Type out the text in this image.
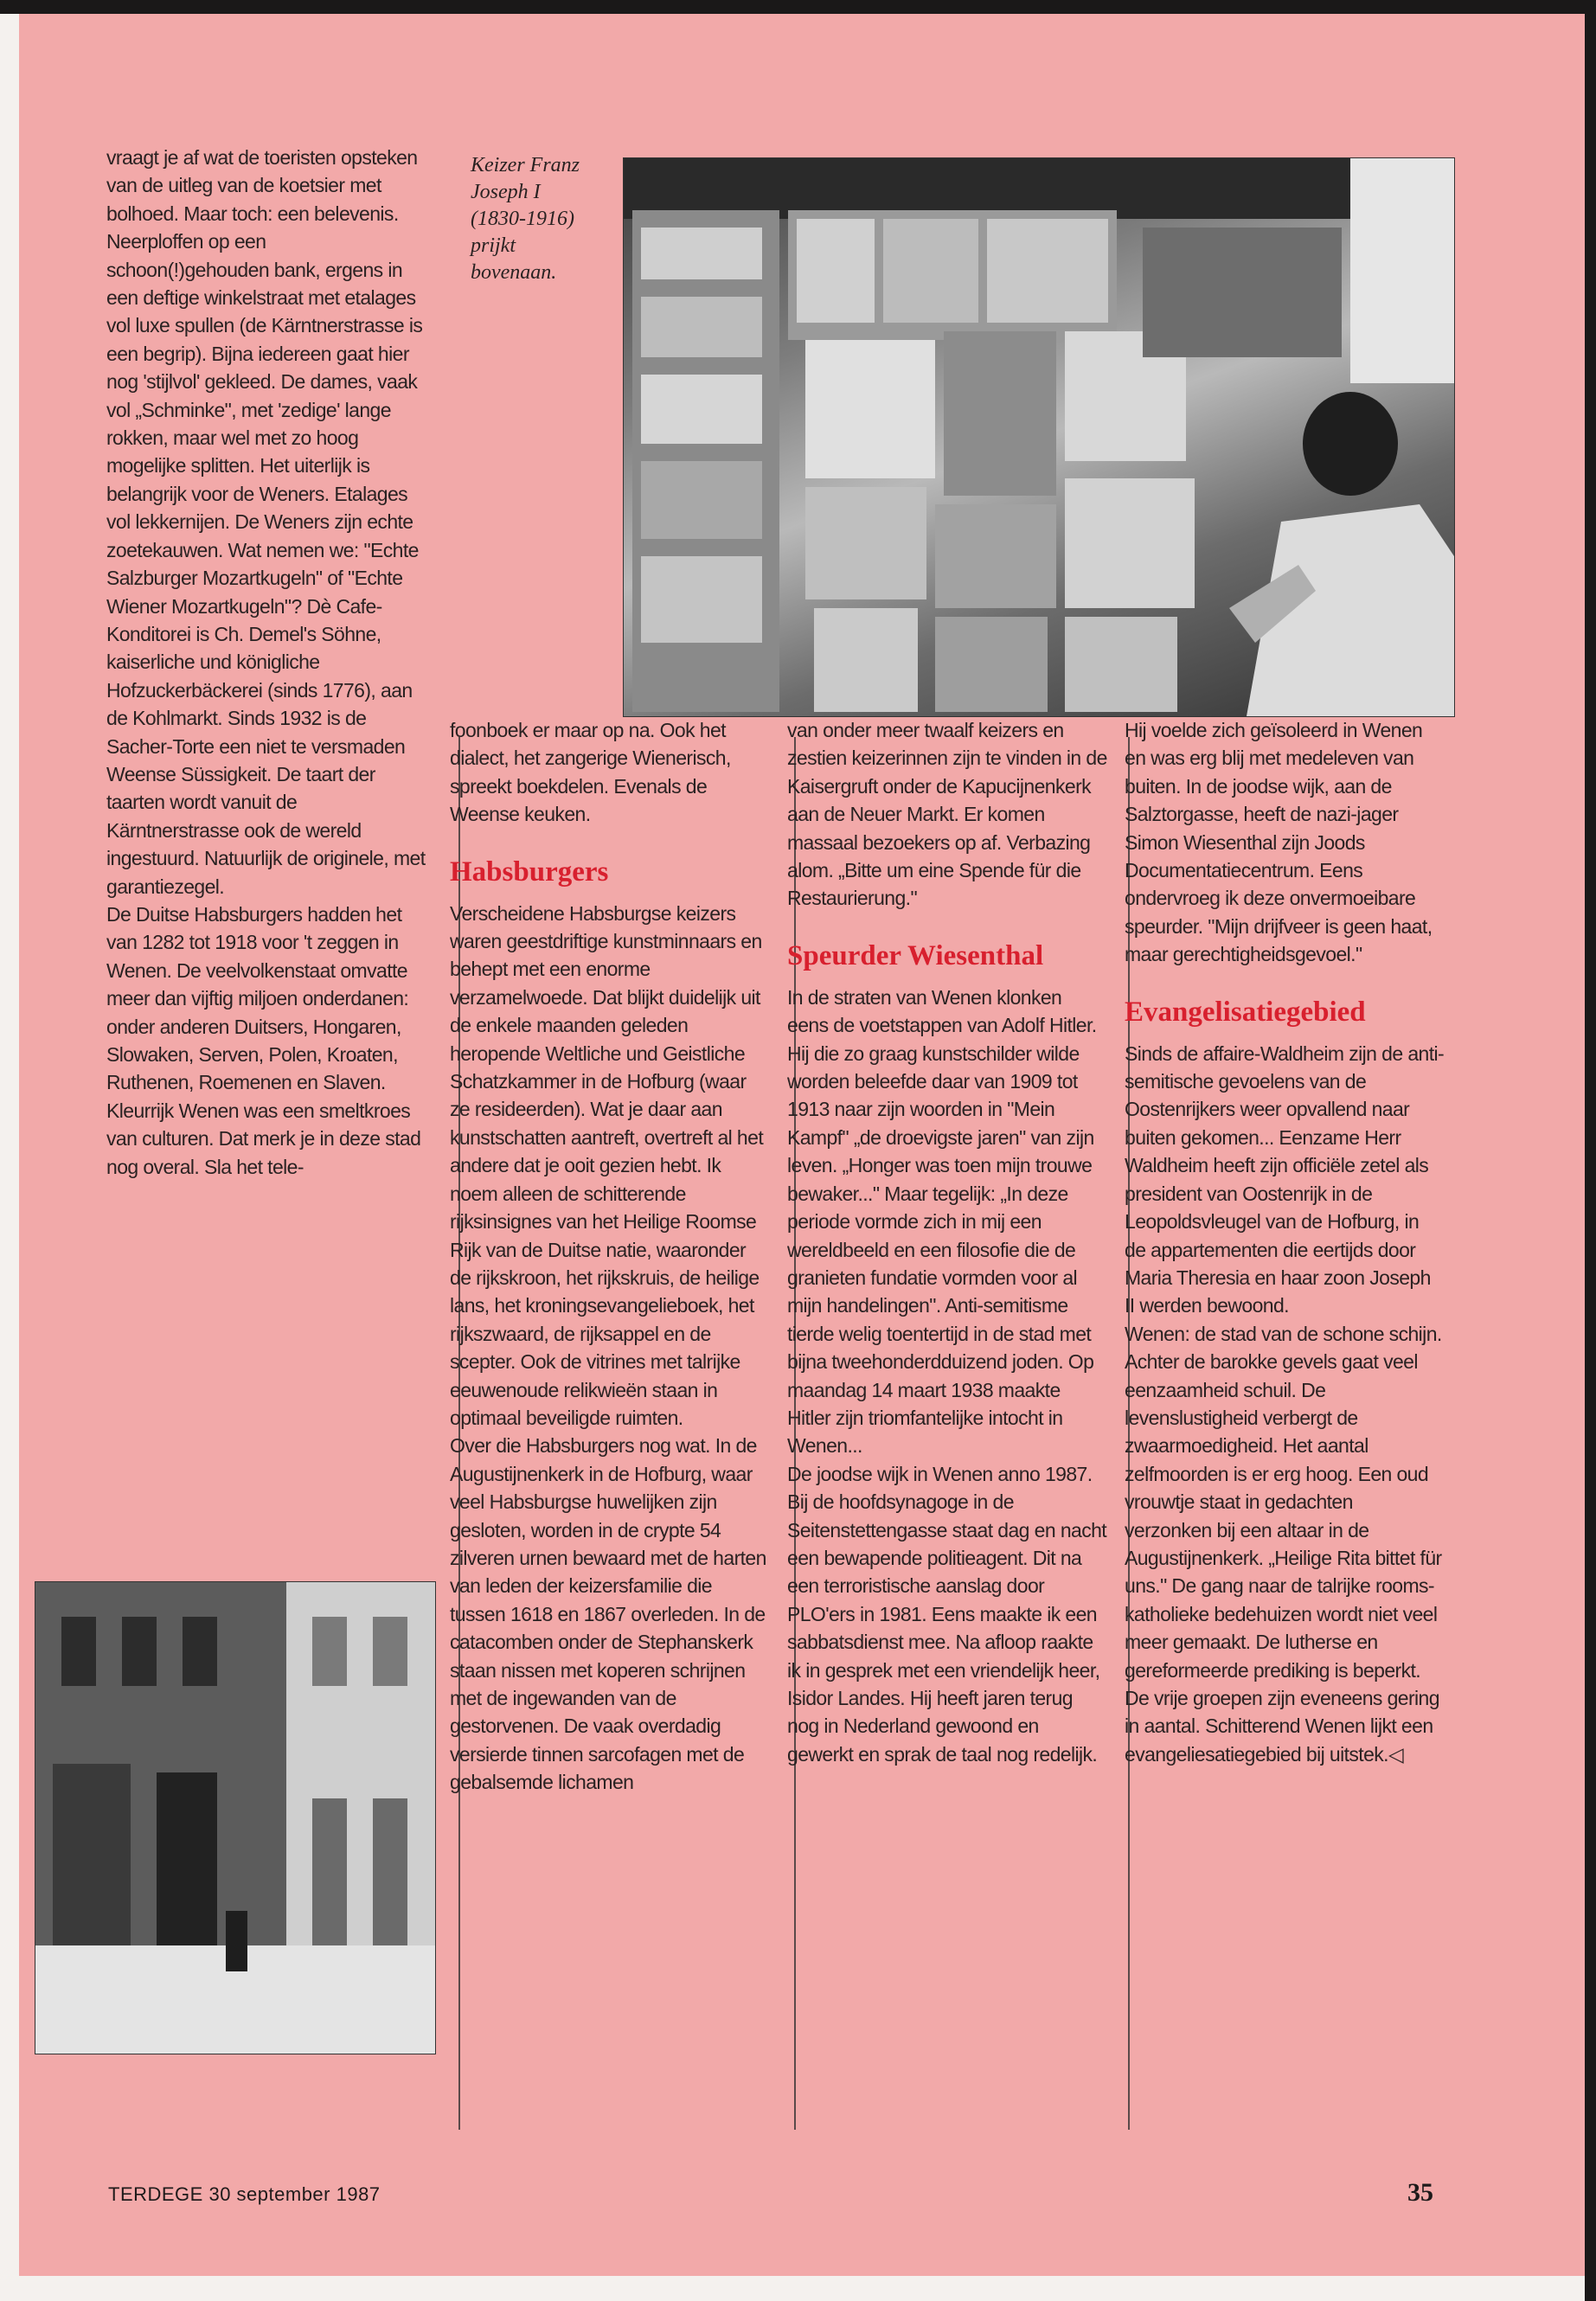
vraagt je af wat de toeristen opsteken van de uitleg van de koetsier met bolhoed. Maar toch: een belevenis. Neerploffen op een schoon(!)gehouden bank, ergens in een deftige winkelstraat met etalages vol luxe spullen (de Kärntnerstrasse is een begrip). Bijna iedereen gaat hier nog 'stijlvol' gekleed. De dames, vaak vol „Schminke", met 'zedige' lange rokken, maar wel met zo hoog mogelijke splitten. Het uiterlijk is belangrijk voor de Weners. Etalages vol lekkernijen. De Weners zijn echte zoetekauwen. Wat nemen we: "Echte Salzburger Mozartkugeln" of "Echte Wiener Mozartkugeln"? Dè Cafe-Konditorei is Ch. Demel's Söhne, kaiserliche und königliche Hofzuckerbäckerei (sinds 1776), aan de Kohlmarkt. Sinds 1932 is de Sacher-Torte een niet te versmaden Weense Süssigkeit. De taart der taarten wordt vanuit de Kärntnerstrasse ook de wereld ingestuurd. Natuurlijk de originele, met garantiezegel.

De Duitse Habsburgers hadden het van 1282 tot 1918 voor 't zeggen in Wenen. De veelvolkenstaat omvatte meer dan vijftig miljoen onderdanen: onder anderen Duitsers, Hongaren, Slowaken, Serven, Polen, Kroaten, Ruthenen, Roemenen en Slaven. Kleurrijk Wenen was een smeltkroes van culturen. Dat merk je in deze stad nog overal. Sla het tele-

Keizer Franz Joseph I (1830-1916) prijkt bovenaan.

foonboek er maar op na. Ook het dialect, het zangerige Wienerisch, spreekt boekdelen. Evenals de Weense keuken.

Habsburgers

Verscheidene Habsburgse keizers waren geestdriftige kunstminnaars en behept met een enorme verzamelwoede. Dat blijkt duidelijk uit de enkele maanden geleden heropende Weltliche und Geistliche Schatzkammer in de Hofburg (waar ze resideerden). Wat je daar aan kunstschatten aantreft, overtreft al het andere dat je ooit gezien hebt. Ik noem alleen de schitterende rijksinsignes van het Heilige Roomse Rijk van de Duitse natie, waaronder de rijkskroon, het rijkskruis, de heilige lans, het kroningsevangelieboek, het rijkszwaard, de rijksappel en de scepter. Ook de vitrines met talrijke eeuwenoude relikwieën staan in optimaal beveiligde ruimten.

Over die Habsburgers nog wat. In de Augustijnenkerk in de Hofburg, waar veel Habsburgse huwelijken zijn gesloten, worden in de crypte 54 zilveren urnen bewaard met de harten van leden der keizersfamilie die tussen 1618 en 1867 overleden. In de catacomben onder de Stephanskerk staan nissen met koperen schrijnen met de ingewanden van de gestorvenen. De vaak overdadig versierde tinnen sarcofagen met de gebalsemde lichamen

van onder meer twaalf keizers en zestien keizerinnen zijn te vinden in de Kaisergruft onder de Kapucijnenkerk aan de Neuer Markt. Er komen massaal bezoekers op af. Verbazing alom. „Bitte um eine Spende für die Restaurierung."

Speurder Wiesenthal

In de straten van Wenen klonken eens de voetstappen van Adolf Hitler. Hij die zo graag kunstschilder wilde worden beleefde daar van 1909 tot 1913 naar zijn woorden in "Mein Kampf" „de droevigste jaren" van zijn leven. „Honger was toen mijn trouwe bewaker..." Maar tegelijk: „In deze periode vormde zich in mij een wereldbeeld en een filosofie die de granieten fundatie vormden voor al mijn handelingen". Anti-semitisme tierde welig toentertijd in de stad met bijna tweehonderdduizend joden. Op maandag 14 maart 1938 maakte Hitler zijn triomfantelijke intocht in Wenen...

De joodse wijk in Wenen anno 1987. Bij de hoofdsynagoge in de Seitenstettengasse staat dag en nacht een bewapende politieagent. Dit na een terroristische aanslag door PLO'ers in 1981. Eens maakte ik een sabbatsdienst mee. Na afloop raakte ik in gesprek met een vriendelijk heer, Isidor Landes. Hij heeft jaren terug nog in Nederland gewoond en gewerkt en sprak de taal nog redelijk.

Hij voelde zich geïsoleerd in Wenen en was erg blij met medeleven van buiten. In de joodse wijk, aan de Salztorgasse, heeft de nazi-jager Simon Wiesenthal zijn Joods Documentatiecentrum. Eens ondervroeg ik deze onvermoeibare speurder. "Mijn drijfveer is geen haat, maar gerechtigheidsgevoel."

Evangelisatiegebied

Sinds de affaire-Waldheim zijn de anti-semitische gevoelens van de Oostenrijkers weer opvallend naar buiten gekomen... Eenzame Herr Waldheim heeft zijn officiële zetel als president van Oostenrijk in de Leopoldsvleugel van de Hofburg, in de appartementen die eertijds door Maria Theresia en haar zoon Joseph II werden bewoond.

Wenen: de stad van de schone schijn. Achter de barokke gevels gaat veel eenzaamheid schuil. De levenslustigheid verbergt de zwaarmoedigheid. Het aantal zelfmoorden is er erg hoog. Een oud vrouwtje staat in gedachten verzonken bij een altaar in de Augustijnenkerk. „Heilige Rita bittet für uns." De gang naar de talrijke rooms-katholieke bedehuizen wordt niet veel meer gemaakt. De lutherse en gereformeerde prediking is beperkt. De vrije groepen zijn eveneens gering in aantal. Schitterend Wenen lijkt een evangeliesatiegebied bij uitstek.◁

TERDEGE 30 september 1987	35
